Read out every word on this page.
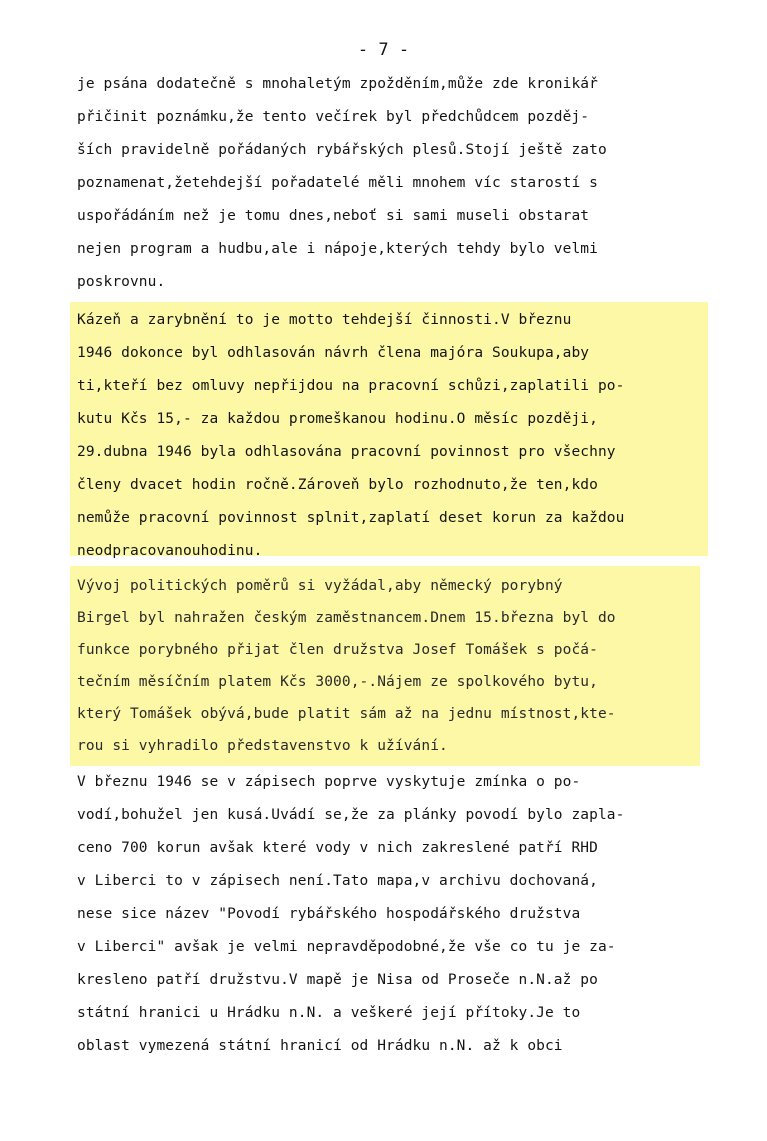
- 7 -
je psána dodatečně s mnohaletým zpožděním,může zde kronikář
přičinit poznámku,že tento večírek byl předchůdcem pozděj-
ších pravidelně pořádaných rybářských plesů.Stojí ještě zato
poznamenat,žetehdejší pořadatelé měli mnohem víc starostí s
uspořádáním než je tomu dnes,neboť si sami museli obstarat
nejen program a hudbu,ale i nápoje,kterých tehdy bylo velmi
poskrovnu.
Kázeň a zarybnění to je motto tehdejší činnosti.V březnu
1946 dokonce byl odhlasován návrh člena majóra Soukupa,aby
ti,kteří bez omluvy nepřijdou na pracovní schůzi,zaplatili po-
kutu Kčs 15,- za každou promeškanou hodinu.O měsíc později,
29.dubna 1946 byla odhlasována pracovní povinnost pro všechny
členy dvacet hodin ročně.Zároveň bylo rozhodnuto,že ten,kdo
nemůže pracovní povinnost splnit,zaplatí deset korun za každou
neodpracovanouhodinu.
Vývoj politických poměrů si vyžádal,aby německý porybný
Birgel byl nahražen českým zaměstnancem.Dnem 15.března byl do
funkce porybného přijat člen družstva Josef Tomášek s počá-
tečním měsíčním platem Kčs 3000,-.Nájem ze spolkového bytu,
který Tomášek obývá,bude platit sám až na jednu místnost,kte-
rou si vyhradilo představenstvo k užívání.
V březnu 1946 se v zápisech poprve vyskytuje zmínka o po-
vodí,bohužel jen kusá.Uvádí se,že za plánky povodí bylo zapla-
ceno 700 korun avšak které vody v nich zakreslené patří RHD
v Liberci to v zápisech není.Tato mapa,v archivu dochovaná,
nese sice název "Povodí rybářského hospodářského družstva
v Liberci" avšak je velmi nepravděpodobné,že vše co tu je za-
kresleno patří družstvu.V mapě je Nisa od Proseče n.N.až po
státní hranici u Hrádku n.N. a veškeré její přítoky.Je to
oblast vymezená státní hranicí od Hrádku n.N. až k obci
